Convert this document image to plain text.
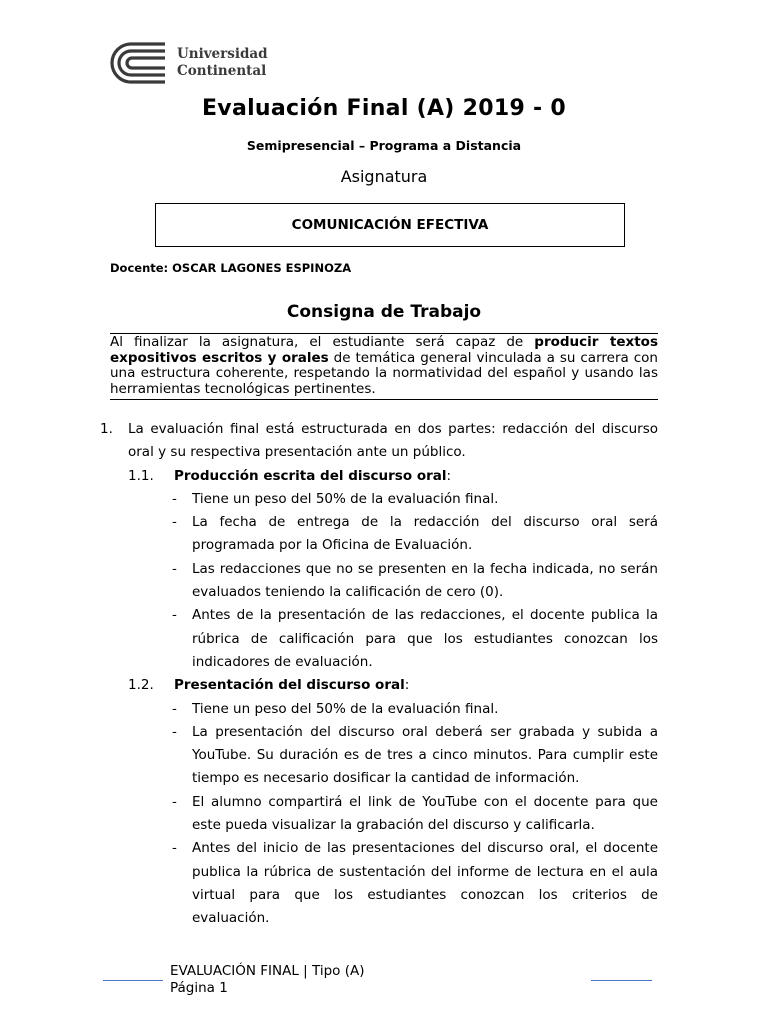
Universidad
Continental
Evaluación Final (A) 2019 - 0
Semipresencial – Programa a Distancia
Asignatura
COMUNICACIÓN EFECTIVA
Docente: OSCAR LAGONES ESPINOZA
Consigna de Trabajo
Al finalizar la asignatura, el estudiante será capaz de producir textos expositivos escritos y orales de temática general vinculada a su carrera con una estructura coherente, respetando la normatividad del español y usando las herramientas tecnológicas pertinentes.
1.	La evaluación final está estructurada en dos partes: redacción del discurso oral y su respectiva presentación ante un público.
1.1.	Producción escrita del discurso oral:
-	Tiene un peso del 50% de la evaluación final.
-	La fecha de entrega de la redacción del discurso oral será programada por la Oficina de Evaluación.
-	Las redacciones que no se presenten en la fecha indicada, no serán evaluados teniendo la calificación de cero (0).
-	Antes de la presentación de las redacciones, el docente publica la rúbrica de calificación para que los estudiantes conozcan los indicadores de evaluación.
1.2.	Presentación del discurso oral:
-	Tiene un peso del 50% de la evaluación final.
-	La presentación del discurso oral deberá ser grabada y subida a YouTube. Su duración es de tres a cinco minutos. Para cumplir este tiempo es necesario dosificar la cantidad de información.
-	El alumno compartirá el link de YouTube con el docente para que este pueda visualizar la grabación del discurso y calificarla.
-	Antes del inicio de las presentaciones del discurso oral, el docente publica la rúbrica de sustentación del informe de lectura en el aula virtual para que los estudiantes conozcan los criterios de evaluación.
EVALUACIÓN FINAL | Tipo (A)
Página 1
